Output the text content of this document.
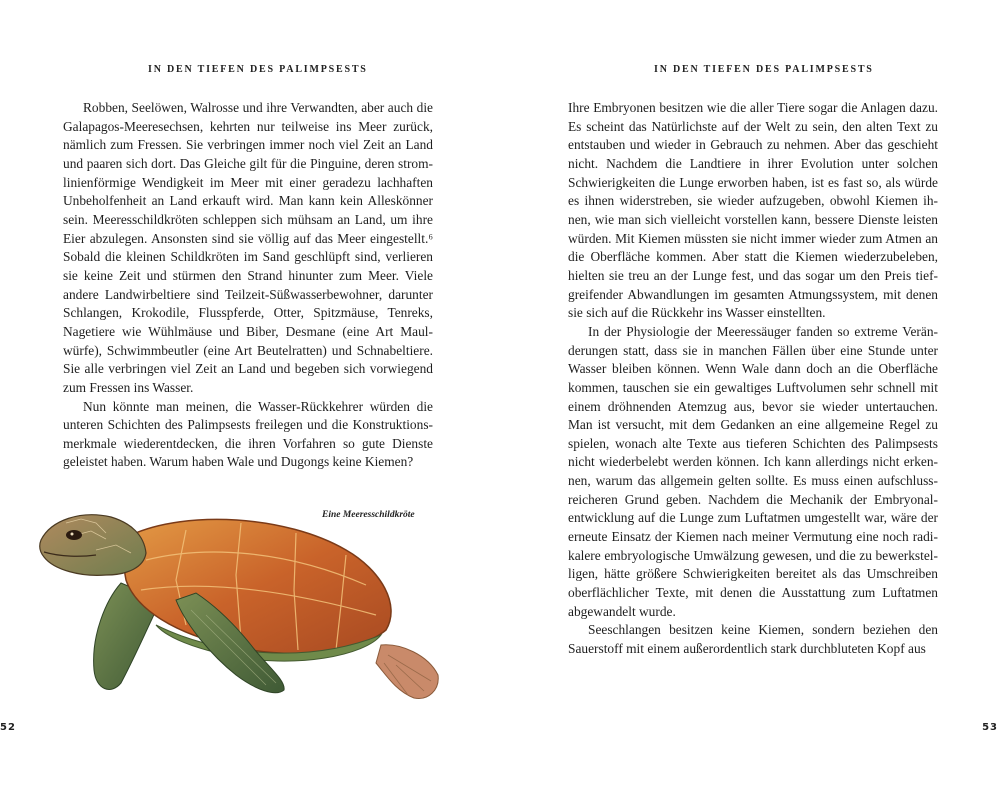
IN DEN TIEFEN DES PALIMPSESTS

Robben, Seelöwen, Walrosse und ihre Verwandten, aber auch die Galapagos-Meeresechsen, kehrten nur teilweise ins Meer zurück, nämlich zum Fressen. Sie verbringen immer noch viel Zeit an Land und paaren sich dort. Das Gleiche gilt für die Pinguine, deren stromlinienförmige Wendigkeit im Meer mit einer geradezu lachhaften Unbeholfenheit an Land erkauft wird. Man kann kein Alleskönner sein. Meeresschildkröten schleppen sich mühsam an Land, um ihre Eier abzulegen. Ansonsten sind sie völlig auf das Meer eingestellt.⁶ Sobald die kleinen Schildkröten im Sand geschlüpft sind, verlieren sie keine Zeit und stürmen den Strand hinunter zum Meer. Viele andere Landwirbeltiere sind Teilzeit-Süßwasserbewohner, darunter Schlangen, Krokodile, Flusspferde, Otter, Spitzmäuse, Tenreks, Nagetiere wie Wühlmäuse und Biber, Desmane (eine Art Maulwürfe), Schwimmbeutler (eine Art Beutelratten) und Schnabeltiere. Sie alle verbringen viel Zeit an Land und begeben sich vorwiegend zum Fressen ins Wasser.

Nun könnte man meinen, die Wasser-Rückkehrer würden die unteren Schichten des Palimpsests freilegen und die Konstruktionsmerkmale wiederentdecken, die ihren Vorfahren so gute Dienste geleistet haben. Warum haben Wale und Dugongs keine Kiemen?

Eine Meeresschildkröte
52
IN DEN TIEFEN DES PALIMPSESTS

Ihre Embryonen besitzen wie die aller Tiere sogar die Anlagen dazu. Es scheint das Natürlichste auf der Welt zu sein, den alten Text zu entstauben und wieder in Gebrauch zu nehmen. Aber das geschieht nicht. Nachdem die Landtiere in ihrer Evolution unter solchen Schwierigkeiten die Lunge erworben haben, ist es fast so, als würde es ihnen widerstreben, sie wieder aufzugeben, obwohl Kiemen ihnen, wie man sich vielleicht vorstellen kann, bessere Dienste leisten würden. Mit Kiemen müssten sie nicht immer wieder zum Atmen an die Oberfläche kommen. Aber statt die Kiemen wiederzubeleben, hielten sie treu an der Lunge fest, und das sogar um den Preis tiefgreifender Abwandlungen im gesamten Atmungssystem, mit denen sie sich auf die Rückkehr ins Wasser einstellten.

In der Physiologie der Meeressäuger fanden so extreme Veränderungen statt, dass sie in manchen Fällen über eine Stunde unter Wasser bleiben können. Wenn Wale dann doch an die Oberfläche kommen, tauschen sie ein gewaltiges Luftvolumen sehr schnell mit einem dröhnenden Atemzug aus, bevor sie wieder untertauchen. Man ist versucht, mit dem Gedanken an eine allgemeine Regel zu spielen, wonach alte Texte aus tieferen Schichten des Palimpsests nicht wiederbelebt werden können. Ich kann allerdings nicht erkennen, warum das allgemein gelten sollte. Es muss einen aufschlussreicheren Grund geben. Nachdem die Mechanik der Embryonalentwicklung auf die Lunge zum Luftatmen umgestellt war, wäre der erneute Einsatz der Kiemen nach meiner Vermutung eine noch radikalere embryologische Umwälzung gewesen, und die zu bewerkstelligen, hätte größere Schwierigkeiten bereitet als das Umschreiben oberflächlicher Texte, mit denen die Ausstattung zum Luftatmen abgewandelt wurde.

Seeschlangen besitzen keine Kiemen, sondern beziehen den Sauerstoff mit einem außerordentlich stark durchbluteten Kopf aus

53
